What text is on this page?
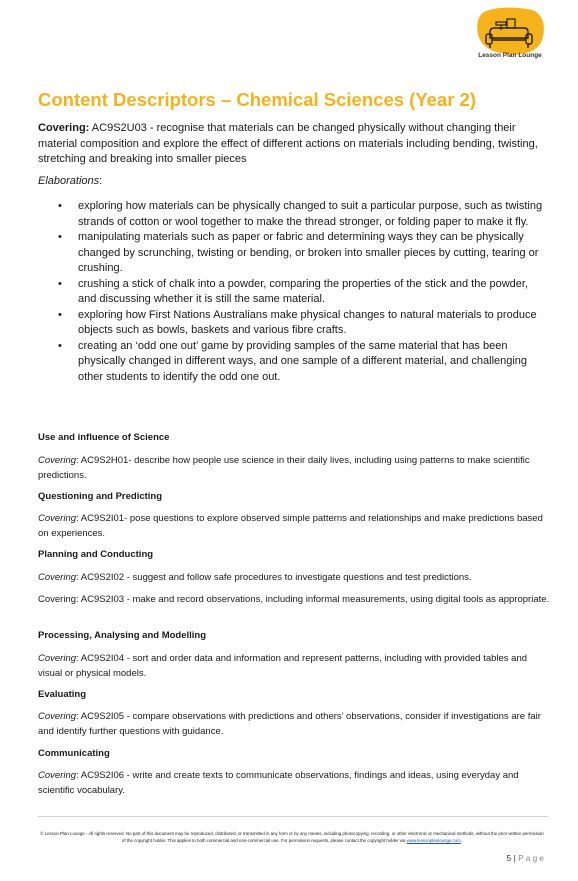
Lesson Plan Lounge
Content Descriptors – Chemical Sciences (Year 2)

Covering: AC9S2U03 - recognise that materials can be changed physically without changing their material composition and explore the effect of different actions on materials including bending, twisting, stretching and breaking into smaller pieces

Elaborations:

• exploring how materials can be physically changed to suit a particular purpose, such as twisting strands of cotton or wool together to make the thread stronger, or folding paper to make it fly.
• manipulating materials such as paper or fabric and determining ways they can be physically changed by scrunching, twisting or bending, or broken into smaller pieces by cutting, tearing or crushing.
• crushing a stick of chalk into a powder, comparing the properties of the stick and the powder, and discussing whether it is still the same material.
• exploring how First Nations Australians make physical changes to natural materials to produce objects such as bowls, baskets and various fibre crafts.
• creating an ‘odd one out’ game by providing samples of the same material that has been physically changed in different ways, and one sample of a different material, and challenging other students to identify the odd one out.
Use and influence of Science

Covering: AC9S2H01- describe how people use science in their daily lives, including using patterns to make scientific predictions.

Questioning and Predicting

Covering: AC9S2I01- pose questions to explore observed simple patterns and relationships and make predictions based on experiences.

Planning and Conducting

Covering: AC9S2I02 - suggest and follow safe procedures to investigate questions and test predictions.

Covering: AC9S2I03 - make and record observations, including informal measurements, using digital tools as appropriate.

Processing, Analysing and Modelling

Covering: AC9S2I04 - sort and order data and information and represent patterns, including with provided tables and visual or physical models.

Evaluating

Covering: AC9S2I05 - compare observations with predictions and others’ observations, consider if investigations are fair and identify further questions with guidance.

Communicating

Covering: AC9S2I06 - write and create texts to communicate observations, findings and ideas, using everyday and scientific vocabulary.

© Lesson Plan Lounge - All rights reserved. No part of this document may be reproduced, distributed, or transmitted in any form or by any means, including photocopying, recording, or other electronic or mechanical methods, without the prior written permission of the copyright holder. This applies to both commercial and non-commercial use. For permission requests, please contact the copyright holder via www.lessonplanlounge.com.

5 | Page
